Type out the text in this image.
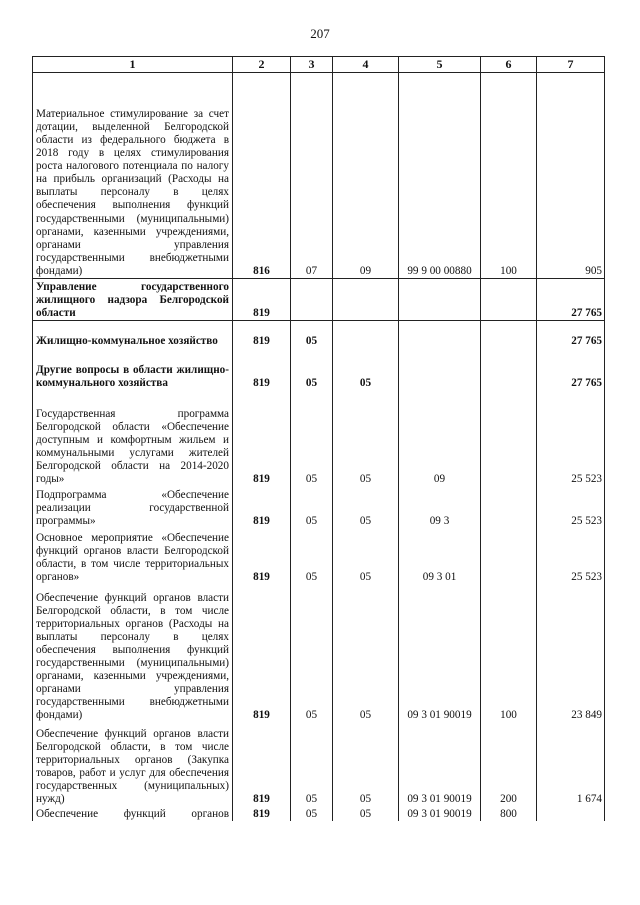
207
1	2	3	4	5	6	7
Материальное стимулирование за счет дотации, выделенной Белгородской области из федерального бюджета в 2018 году в целях стимулирования роста налогового потенциала по налогу на прибыль организаций (Расходы на выплаты персоналу в целях обеспечения выполнения функций государственными (муниципальными) органами, казенными учреждениями, органами управления государственными внебюджетными фондами)	816	07	09	99 9 00 00880	100	905
Управление государственного жилищного надзора Белгородской области	819					27 765
Жилищно-коммунальное хозяйство	819	05				27 765
Другие вопросы в области жилищно-коммунального хозяйства	819	05	05			27 765
Государственная программа Белгородской области «Обеспечение доступным и комфортным жильем и коммунальными услугами жителей Белгородской области на 2014-2020 годы»	819	05	05	09		25 523
Подпрограмма «Обеспечение реализации государственной программы»	819	05	05	09 3		25 523
Основное мероприятие «Обеспечение функций органов власти Белгородской области, в том числе территориальных органов»	819	05	05	09 3 01		25 523
Обеспечение функций органов власти Белгородской области, в том числе территориальных органов (Расходы на выплаты персоналу в целях обеспечения выполнения функций государственными (муниципальными) органами, казенными учреждениями, органами управления государственными внебюджетными фондами)	819	05	05	09 3 01 90019	100	23 849
Обеспечение функций органов власти Белгородской области, в том числе территориальных органов (Закупка товаров, работ и услуг для обеспечения государственных (муниципальных) нужд)	819	05	05	09 3 01 90019	200	1 674
Обеспечение функций органов	819	05	05	09 3 01 90019	800	
